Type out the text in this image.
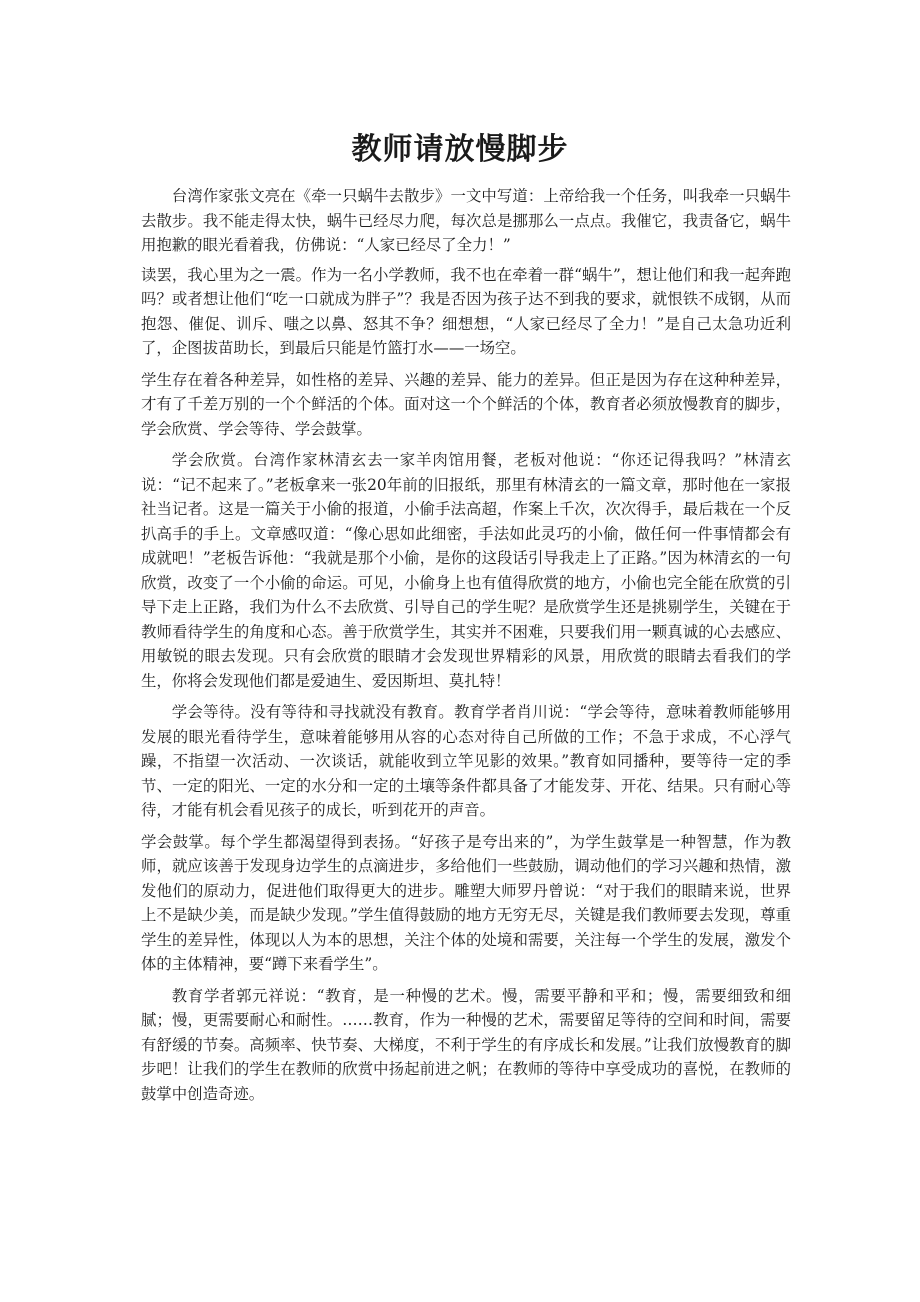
教师请放慢脚步

台湾作家张文亮在《牵一只蜗牛去散步》一文中写道：上帝给我一个任务，叫我牵一只蜗牛去散步。我不能走得太快，蜗牛已经尽力爬，每次总是挪那么一点点。我催它，我责备它，蜗牛用抱歉的眼光看着我，仿佛说：“人家已经尽了全力！”

读罢，我心里为之一震。作为一名小学教师，我不也在牵着一群“蜗牛”，想让他们和我一起奔跑吗？或者想让他们“吃一口就成为胖子”？我是否因为孩子达不到我的要求，就恨铁不成钢，从而抱怨、催促、训斥、嗤之以鼻、怒其不争？细想想，“人家已经尽了全力！”是自己太急功近利了，企图拔苗助长，到最后只能是竹篮打水——一场空。

学生存在着各种差异，如性格的差异、兴趣的差异、能力的差异。但正是因为存在这种种差异，才有了千差万别的一个个鲜活的个体。面对这一个个鲜活的个体，教育者必须放慢教育的脚步，学会欣赏、学会等待、学会鼓掌。

学会欣赏。台湾作家林清玄去一家羊肉馆用餐，老板对他说：“你还记得我吗？”林清玄说：“记不起来了。”老板拿来一张20年前的旧报纸，那里有林清玄的一篇文章，那时他在一家报社当记者。这是一篇关于小偷的报道，小偷手法高超，作案上千次，次次得手，最后栽在一个反扒高手的手上。文章感叹道：“像心思如此细密，手法如此灵巧的小偷，做任何一件事情都会有成就吧！”老板告诉他：“我就是那个小偷，是你的这段话引导我走上了正路。”因为林清玄的一句欣赏，改变了一个小偷的命运。可见，小偷身上也有值得欣赏的地方，小偷也完全能在欣赏的引导下走上正路，我们为什么不去欣赏、引导自己的学生呢？是欣赏学生还是挑剔学生，关键在于教师看待学生的角度和心态。善于欣赏学生，其实并不困难，只要我们用一颗真诚的心去感应、用敏锐的眼去发现。只有会欣赏的眼睛才会发现世界精彩的风景，用欣赏的眼睛去看我们的学生，你将会发现他们都是爱迪生、爱因斯坦、莫扎特！

学会等待。没有等待和寻找就没有教育。教育学者肖川说：“学会等待，意味着教师能够用发展的眼光看待学生，意味着能够用从容的心态对待自己所做的工作；不急于求成，不心浮气躁，不指望一次活动、一次谈话，就能收到立竿见影的效果。”教育如同播种，要等待一定的季节、一定的阳光、一定的水分和一定的土壤等条件都具备了才能发芽、开花、结果。只有耐心等待，才能有机会看见孩子的成长，听到花开的声音。

学会鼓掌。每个学生都渴望得到表扬。“好孩子是夸出来的”，为学生鼓掌是一种智慧，作为教师，就应该善于发现身边学生的点滴进步，多给他们一些鼓励，调动他们的学习兴趣和热情，激发他们的原动力，促进他们取得更大的进步。雕塑大师罗丹曾说：“对于我们的眼睛来说，世界上不是缺少美，而是缺少发现。”学生值得鼓励的地方无穷无尽，关键是我们教师要去发现，尊重学生的差异性，体现以人为本的思想，关注个体的处境和需要，关注每一个学生的发展，激发个体的主体精神，要“蹲下来看学生”。

教育学者郭元祥说：“教育，是一种慢的艺术。慢，需要平静和平和；慢，需要细致和细腻；慢，更需要耐心和耐性。……教育，作为一种慢的艺术，需要留足等待的空间和时间，需要有舒缓的节奏。高频率、快节奏、大梯度，不利于学生的有序成长和发展。”让我们放慢教育的脚步吧！让我们的学生在教师的欣赏中扬起前进之帆；在教师的等待中享受成功的喜悦，在教师的鼓掌中创造奇迹。
